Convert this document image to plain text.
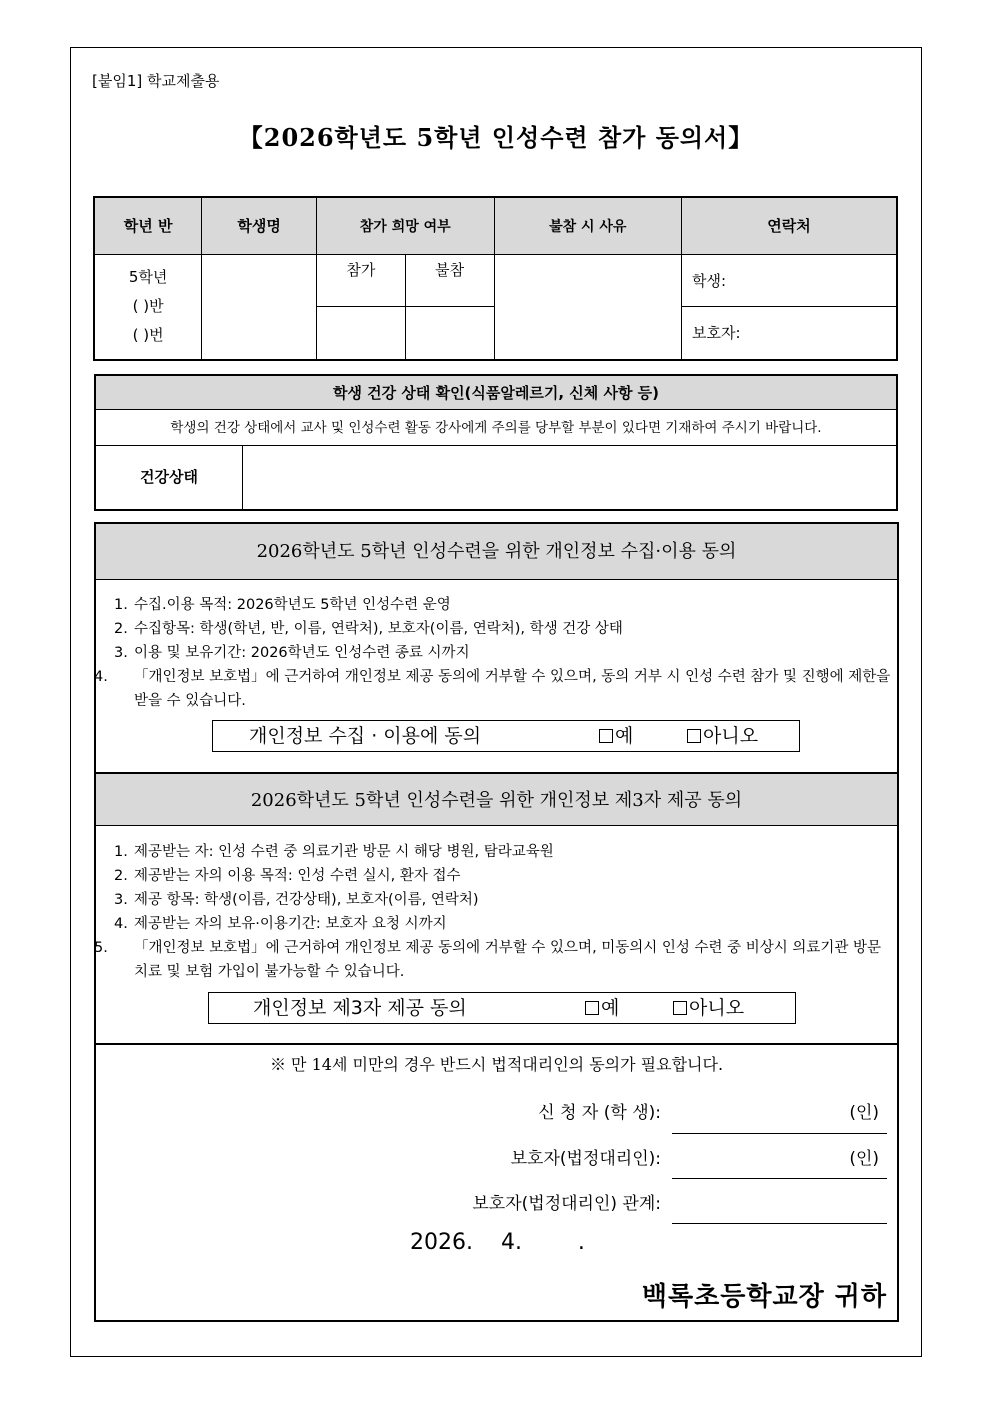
[붙임1] 학교제출용
【2026학년도 5학년 인성수련 참가 동의서】
학년 반	학생명	참가 희망 여부		불참 시 사유	연락처

5학년
( )반
( )번		참가	불참		학생:
					보호자:
학생 건강 상태 확인(식품알레르기, 신체 사항 등)
학생의 건강 상태에서 교사 및 인성수련 활동 강사에게 주의를 당부할 부분이 있다면 기재하여 주시기 바랍니다.
건강상태
2026학년도 5학년 인성수련을 위한 개인정보 수집·이용 동의
1. 수집.이용 목적: 2026학년도 5학년 인성수련 운영
2. 수집항목: 학생(학년, 반, 이름, 연락처), 보호자(이름, 연락처), 학생 건강 상태
3. 이용 및 보유기간: 2026학년도 인성수련 종료 시까지
4. 「개인정보 보호법」에 근거하여 개인정보 제공 동의에 거부할 수 있으며, 동의 거부 시 인성 수련 참가 및 진행에 제한을 받을 수 있습니다.
개인정보 수집 · 이용에 동의	예	아니오
2026학년도 5학년 인성수련을 위한 개인정보 제3자 제공 동의
1. 제공받는 자: 인성 수련 중 의료기관 방문 시 해당 병원, 탐라교육원
2. 제공받는 자의 이용 목적: 인성 수련 실시, 환자 접수
3. 제공 항목: 학생(이름, 건강상태), 보호자(이름, 연락처)
4. 제공받는 자의 보유·이용기간: 보호자 요청 시까지
5. 「개인정보 보호법」에 근거하여 개인정보 제공 동의에 거부할 수 있으며, 미동의시 인성 수련 중 비상시 의료기관 방문 치료 및 보험 가입이 불가능할 수 있습니다.
개인정보 제3자 제공 동의	예	아니오
※ 만 14세 미만의 경우 반드시 법적대리인의 동의가 필요합니다.
신 청 자 (학 생):	(인)
보호자(법정대리인):	(인)
보호자(법정대리인) 관계:
2026.    4.        .
백록초등학교장 귀하
